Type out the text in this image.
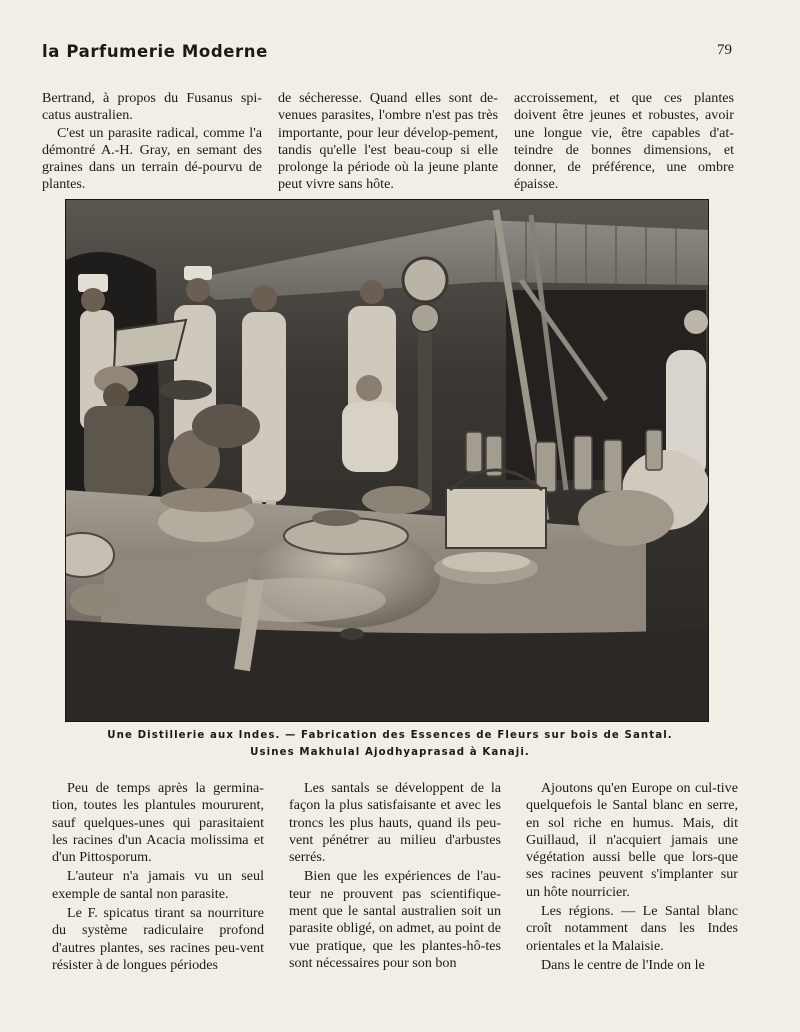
la Parfumerie Moderne	79

Bertrand, à propos du Fusanus spi-catus australien.

C'est un parasite radical, comme l'a démontré A.-H. Gray, en semant des graines dans un terrain dé-pourvu de plantes.

de sécheresse. Quand elles sont de-venues parasites, l'ombre n'est pas très importante, pour leur dévelop-pement, tandis qu'elle l'est beau-coup si elle prolonge la période où la jeune plante peut vivre sans hôte.

accroissement, et que ces plantes doivent être jeunes et robustes, avoir une longue vie, être capables d'at-teindre de bonnes dimensions, et donner, de préférence, une ombre épaisse.

Une Distillerie aux Indes. — Fabrication des Essences de Fleurs sur bois de Santal.
Usines Makhulal Ajodhyaprasad à Kanaji.

Peu de temps après la germina-tion, toutes les plantules moururent, sauf quelques-unes qui parasitaient les racines d'un Acacia molissima et d'un Pittosporum.

L'auteur n'a jamais vu un seul exemple de santal non parasite.

Le F. spicatus tirant sa nourriture du système radiculaire profond d'autres plantes, ses racines peu-vent résister à de longues périodes

Les santals se développent de la façon la plus satisfaisante et avec les troncs les plus hauts, quand ils peu-vent pénétrer au milieu d'arbustes serrés.

Bien que les expériences de l'au-teur ne prouvent pas scientifique-ment que le santal australien soit un parasite obligé, on admet, au point de vue pratique, que les plantes-hô-tes sont nécessaires pour son bon

Ajoutons qu'en Europe on cul-tive quelquefois le Santal blanc en serre, en sol riche en humus. Mais, dit Guillaud, il n'acquiert jamais une végétation aussi belle que lors-que ses racines peuvent s'implanter sur un hôte nourricier.

Les régions. — Le Santal blanc croît notamment dans les Indes orientales et la Malaisie.

Dans le centre de l'Inde on le
